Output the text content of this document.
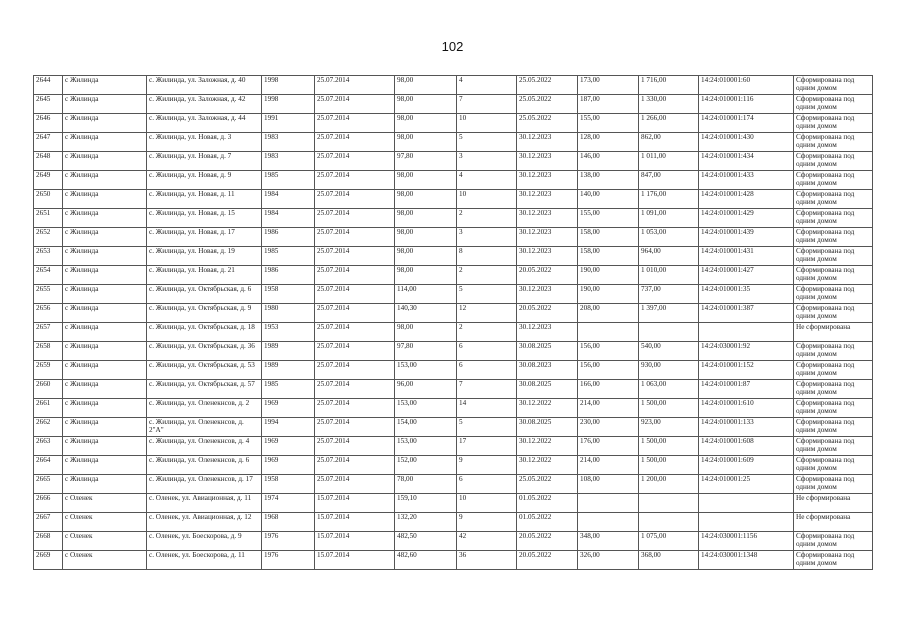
102
2644	с Жилинда	с. Жилинда, ул. Заложная, д. 40	1998	25.07.2014	98,00	4	25.05.2022	173,00	1 716,00	14:24:010001:60	Сформирована под одним домом
2645	с Жилинда	с. Жилинда, ул. Заложная, д. 42	1998	25.07.2014	98,00	7	25.05.2022	187,00	1 330,00	14:24:010001:116	Сформирована под одним домом
2646	с Жилинда	с. Жилинда, ул. Заложная, д. 44	1991	25.07.2014	98,00	10	25.05.2022	155,00	1 266,00	14:24:010001:174	Сформирована под одним домом
2647	с Жилинда	с. Жилинда, ул. Новая, д. 3	1983	25.07.2014	98,00	5	30.12.2023	128,00	862,00	14:24:010001:430	Сформирована под одним домом
2648	с Жилинда	с. Жилинда, ул. Новая, д. 7	1983	25.07.2014	97,80	3	30.12.2023	146,00	1 011,00	14:24:010001:434	Сформирована под одним домом
2649	с Жилинда	с. Жилинда, ул. Новая, д. 9	1985	25.07.2014	98,00	4	30.12.2023	138,00	847,00	14:24:010001:433	Сформирована под одним домом
2650	с Жилинда	с. Жилинда, ул. Новая, д. 11	1984	25.07.2014	98,00	10	30.12.2023	140,00	1 176,00	14:24:010001:428	Сформирована под одним домом
2651	с Жилинда	с. Жилинда, ул. Новая, д. 15	1984	25.07.2014	98,00	2	30.12.2023	155,00	1 091,00	14:24:010001:429	Сформирована под одним домом
2652	с Жилинда	с. Жилинда, ул. Новая, д. 17	1986	25.07.2014	98,00	3	30.12.2023	158,00	1 053,00	14:24:010001:439	Сформирована под одним домом
2653	с Жилинда	с. Жилинда, ул. Новая, д. 19	1985	25.07.2014	98,00	8	30.12.2023	158,00	964,00	14:24:010001:431	Сформирована под одним домом
2654	с Жилинда	с. Жилинда, ул. Новая, д. 21	1986	25.07.2014	98,00	2	20.05.2022	190,00	1 010,00	14:24:010001:427	Сформирована под одним домом
2655	с Жилинда	с. Жилинда, ул. Октябрьская, д. 6	1958	25.07.2014	114,00	5	30.12.2023	190,00	737,00	14:24:010001:35	Сформирована под одним домом
2656	с Жилинда	с. Жилинда, ул. Октябрьская, д. 9	1980	25.07.2014	140,30	12	20.05.2022	208,00	1 397,00	14:24:010001:387	Сформирована под одним домом
2657	с Жилинда	с. Жилинда, ул. Октябрьская, д. 18	1953	25.07.2014	98,00	2	30.12.2023				Не сформирована
2658	с Жилинда	с. Жилинда, ул. Октябрьская, д. 36	1989	25.07.2014	97,80	6	30.08.2025	156,00	540,00	14:24:030001:92	Сформирована под одним домом
2659	с Жилинда	с. Жилинда, ул. Октябрьская, д. 53	1989	25.07.2014	153,00	6	30.08.2023	156,00	930,00	14:24:010001:152	Сформирована под одним домом
2660	с Жилинда	с. Жилинда, ул. Октябрьская, д. 57	1985	25.07.2014	96,00	7	30.08.2025	166,00	1 063,00	14:24:010001:87	Сформирована под одним домом
2661	с Жилинда	с. Жилинда, ул. Оленекнсов, д. 2	1969	25.07.2014	153,00	14	30.12.2022	214,00	1 500,00	14:24:010001:610	Сформирована под одним домом
2662	с Жилинда	с. Жилинда, ул. Оленекнсов, д. 2"А"	1994	25.07.2014	154,00	5	30.08.2025	230,00	923,00	14:24:010001:133	Сформирована под одним домом
2663	с Жилинда	с. Жилинда, ул. Оленекнсов, д. 4	1969	25.07.2014	153,00	17	30.12.2022	176,00	1 500,00	14:24:010001:608	Сформирована под одним домом
2664	с Жилинда	с. Жилинда, ул. Оленекнсов, д. 6	1969	25.07.2014	152,00	9	30.12.2022	214,00	1 500,00	14:24:010001:609	Сформирована под одним домом
2665	с Жилинда	с. Жилинда, ул. Оленекнсов, д. 17	1958	25.07.2014	78,00	6	25.05.2022	108,00	1 200,00	14:24:010001:25	Сформирована под одним домом
2666	с Оленек	с. Оленек, ул. Авиационная, д. 11	1974	15.07.2014	159,10	10	01.05.2022				Не сформирована
2667	с Оленек	с. Оленек, ул. Авиационная, д. 12	1968	15.07.2014	132,20	9	01.05.2022				Не сформирована
2668	с Оленек	с. Оленек, ул. Боескорова, д. 9	1976	15.07.2014	482,50	42	20.05.2022	348,00	1 075,00	14:24:030001:1156	Сформирована под одним домом
2669	с Оленек	с. Оленек, ул. Боескорова, д. 11	1976	15.07.2014	482,60	36	20.05.2022	326,00	368,00	14:24:030001:1348	Сформирована под одним домом
